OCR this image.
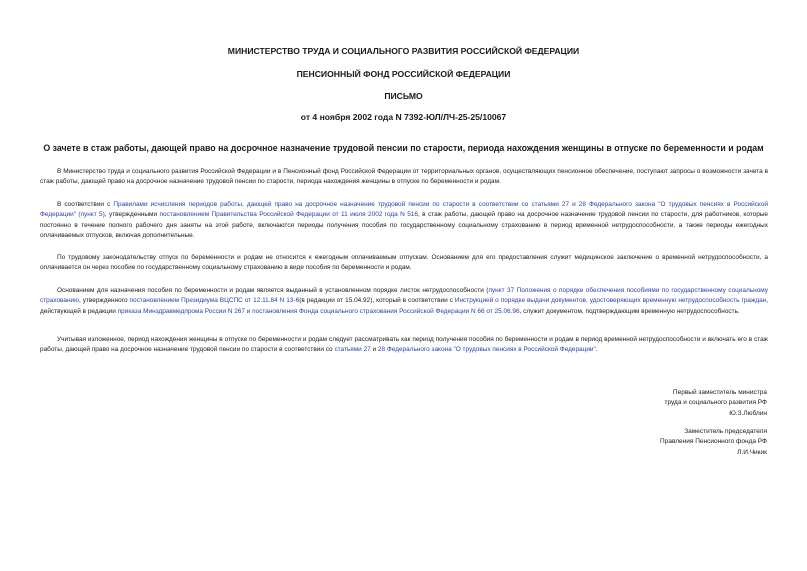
МИНИСТЕРСТВО ТРУДА И СОЦИАЛЬНОГО РАЗВИТИЯ РОССИЙСКОЙ ФЕДЕРАЦИИ
ПЕНСИОННЫЙ ФОНД РОССИЙСКОЙ ФЕДЕРАЦИИ
ПИСЬМО
от 4 ноября 2002 года N 7392-ЮЛ/ЛЧ-25-25/10067
О зачете в стаж работы, дающей право на досрочное назначение трудовой пенсии по старости, периода нахождения женщины в отпуске по беременности и родам

В Министерство труда и социального развития Российской Федерации и в Пенсионный фонд Российской Федерации от территориальных органов, осуществляющих пенсионное обеспечение, поступают запросы о возможности зачета в стаж работы, дающей право на досрочное назначение трудовой пенсии по старости, периода нахождения женщины в отпуске по беременности и родам.

В соответствии с Правилами исчисления периодов работы, дающей право на досрочное назначение трудовой пенсии по старости в соответствии со статьями 27 и 28 Федерального закона "О трудовых пенсиях в Российской Федерации" (пункт 5), утвержденными постановлением Правительства Российской Федерации от 11 июля 2002 года N 516, в стаж работы, дающей право на досрочное назначение трудовой пенсии по старости, для работников, которые постоянно в течение полного рабочего дня заняты на этой работе, включаются периоды получения пособия по государственному социальному страхованию в период временной нетрудоспособности, а также периоды ежегодных оплачиваемых отпусков, включая дополнительные.

По трудовому законодательству отпуск по беременности и родам не относится к ежегодным оплачиваемым отпускам. Основанием для его предоставления служит медицинское заключение о временной нетрудоспособности, а оплачивается он через пособие по государственному социальному страхованию в виде пособия по беременности и родам.

Основанием для назначения пособия по беременности и родам является выданный в установленном порядке листок нетрудоспособности (пункт 37 Положения о порядке обеспечения пособиями по государственному социальному страхованию, утвержденного постановлением Президиума ВЦСПС от 12.11.84 N 13-6(в редакции от 15.04.92), который в соответствии с Инструкцией о порядке выдачи документов, удостоверяющих временную нетрудоспособность граждан, действующей в редакции приказа Минздравмедпрома России N 267 и постановления Фонда социального страхования Российской Федерации N 66 от 25.06.96, служит документом, подтверждающим временную нетрудоспособность.

Учитывая изложенное, период нахождения женщины в отпуске по беременности и родам следует рассматривать как период получения пособия по беременности и родам в период временной нетрудоспособности и включать его в стаж работы, дающей право на досрочное назначение трудовой пенсии по старости в соответствии со статьями 27 и 28 Федерального закона "О трудовых пенсиях в Российской Федерации".

Первый заместитель министра
труда и социального развития РФ
Ю.З.Люблин
Заместитель председателя
Правления Пенсионного фонда РФ
Л.И.Чикик
